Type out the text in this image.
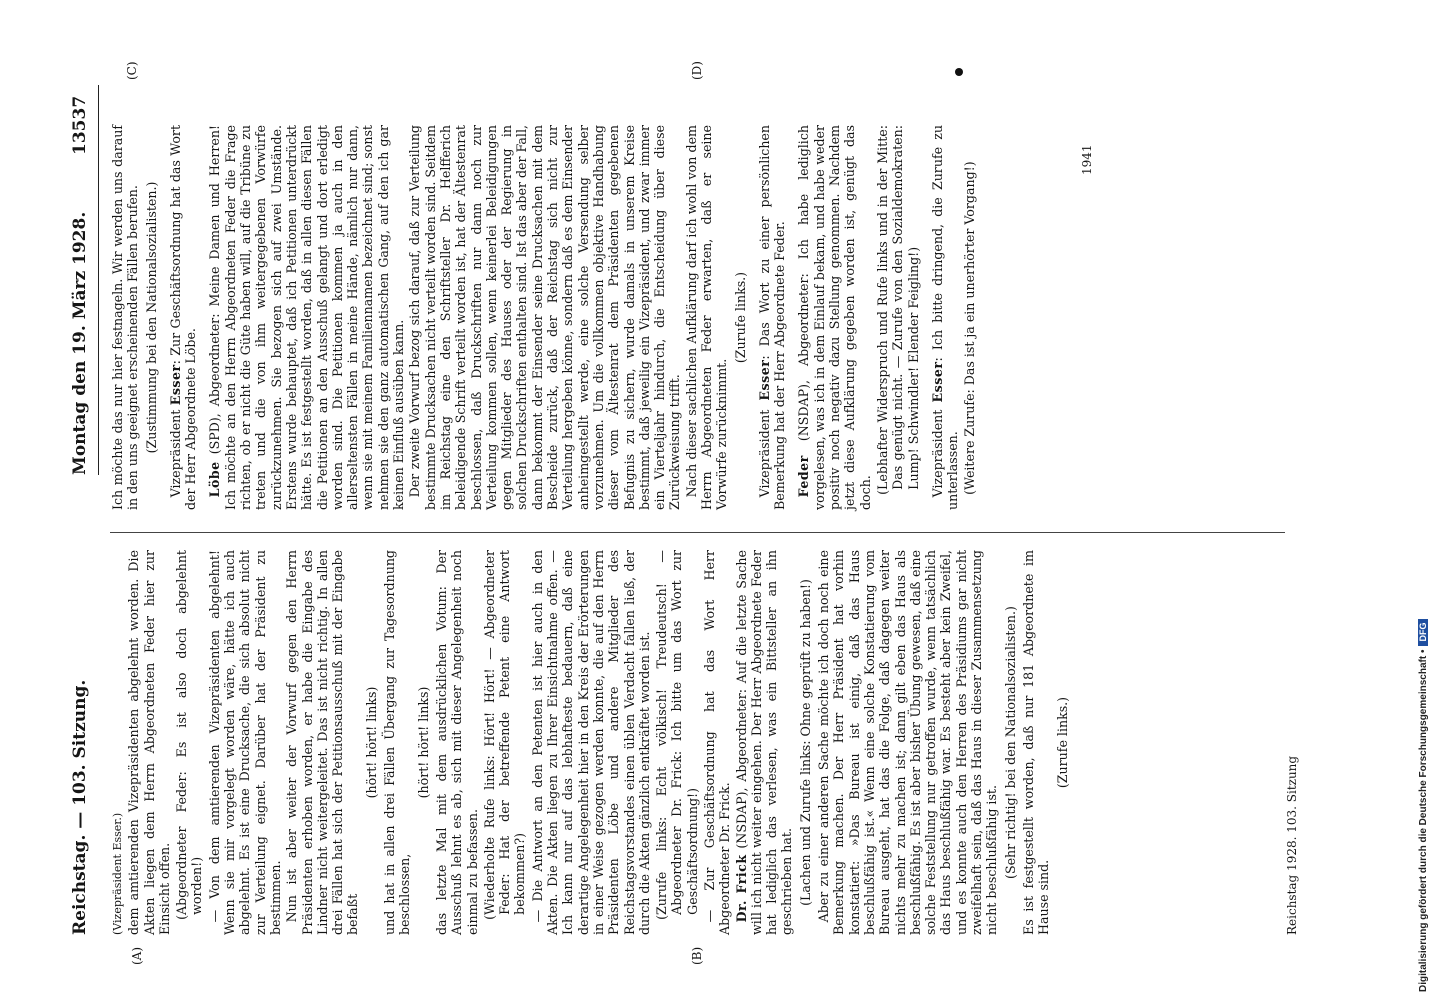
Reichstag. — 103. Sitzung.
Montag den 19. März 1928.
13537

(Vizepräsident Esser.) dem amtierenden Vizepräsidenten abgelehnt worden. Die Akten liegen dem Herrn Abgeordneten Feder hier zur Einsicht offen. (Abgeordneter Feder: Es ist also doch abgelehnt worden!) — Von dem amtierenden Vizepräsidenten abgelehnt! Wenn sie mir vorgelegt worden wäre, hätte ich auch abgelehnt. Es ist eine Drucksache, die sich absolut nicht zur Verteilung eignet. Darüber hat der Präsident zu bestimmen. Nun ist aber weiter der Vorwurf gegen den Herrn Präsidenten erhoben worden, er habe die Eingabe des Lindner nicht weitergeleitet. Das ist nicht richtig. In allen drei Fällen hat sich der Petitionsausschuß mit der Eingabe befaßt

(hört! hört! links) und hat in allen drei Fällen Übergang zur Tagesordnung beschlossen,

(hört! hört! links) das letzte Mal mit dem ausdrücklichen Votum: Der Ausschuß lehnt es ab, sich mit dieser Angelegenheit noch einmal zu befassen. (Wiederholte Rufe links: Hört! Hört! — Abgeordneter Feder: Hat der betreffende Petent eine Antwort bekommen?) — Die Antwort an den Petenten ist hier auch in den Akten. Die Akten liegen zu Ihrer Einsichtnahme offen. — Ich kann nur auf das lebhafteste bedauern, daß eine derartige Angelegenheit hier in den Kreis der Erörterungen in einer Weise gezogen werden konnte, die auf den Herrn Präsidenten Löbe und andere Mitglieder des Reichstagsvorstandes einen üblen Verdacht fallen ließ, der durch die Akten gänzlich entkräftet worden ist. (Zurufe links: Echt völkisch! Treudeutsch! — Abgeordneter Dr. Frick: Ich bitte um das Wort zur Geschäftsordnung!) — Zur Geschäftsordnung hat das Wort Herr Abgeordneter Dr. Frick. Dr. Frick (NSDAP), Abgeordneter: Auf die letzte Sache will ich nicht weiter eingehen. Der Herr Abgeordnete Feder hat lediglich das verlesen, was ein Bittsteller an ihn geschrieben hat. (Lachen und Zurufe links: Ohne geprüft zu haben!) Aber zu einer anderen Sache möchte ich doch noch eine Bemerkung machen. Der Herr Präsident hat vorhin konstatiert: »Das Bureau ist einig, daß das Haus beschlußfähig ist.« Wenn eine solche Konstatierung vom Bureau ausgeht, hat das die Folge, daß dagegen weiter nichts mehr zu machen ist; dann gilt eben das Haus als beschlußfähig. Es ist aber bisher Übung gewesen, daß eine solche Feststellung nur getroffen wurde, wenn tatsächlich das Haus beschlußfähig war. Es besteht aber kein Zweifel, und es konnte auch den Herren des Präsidiums gar nicht zweifelhaft sein, daß das Haus in dieser Zusammensetzung nicht beschlußfähig ist. (Sehr richtig! bei den Nationalsozialisten.) Es ist festgestellt worden, daß nur 181 Abgeordnete im Hause sind.

(Zurufe links.)

Ich möchte das nur hier festnageln. Wir werden uns darauf in den uns geeignet erscheinenden Fällen berufen. (Zustimmung bei den Nationalsozialisten.) Vizepräsident Esser: Zur Geschäftsordnung hat das Wort der Herr Abgeordnete Löbe. Löbe (SPD), Abgeordneter: Meine Damen und Herren! Ich möchte an den Herrn Abgeordneten Feder die Frage richten, ob er nicht die Güte haben will, auf die Tribüne zu treten und die von ihm weitergegebenen Vorwürfe zurückzunehmen. Sie bezogen sich auf zwei Umstände. Erstens wurde behauptet, daß ich Petitionen unterdrückt hätte. Es ist festgestellt worden, daß in allen diesen Fällen die Petitionen an den Ausschuß gelangt und dort erledigt worden sind. Die Petitionen kommen ja auch in den allerseltensten Fällen in meine Hände, nämlich nur dann, wenn sie mit meinem Familiennamen bezeichnet sind; sonst nehmen sie den ganz automatischen Gang, auf den ich gar keinen Einfluß ausüben kann. Der zweite Vorwurf bezog sich darauf, daß zur Verteilung bestimmte Drucksachen nicht verteilt worden sind. Seitdem im Reichstag eine den Schriftsteller Dr. Helfferich beleidigende Schrift verteilt worden ist, hat der Ältestenrat beschlossen, daß Druckschriften nur dann noch zur Verteilung kommen sollen, wenn keinerlei Beleidigungen gegen Mitglieder des Hauses oder der Regierung in solchen Druckschriften enthalten sind. Ist das aber der Fall, dann bekommt der Einsender seine Drucksachen mit dem Bescheide zurück, daß der Reichstag sich nicht zur Verteilung hergeben könne, sondern daß es dem Einsender anheimgestellt werde, eine solche Versendung selber vorzunehmen. Um die vollkommen objektive Handhabung dieser vom Ältestenrat dem Präsidenten gegebenen Befugnis zu sichern, wurde damals in unserem Kreise bestimmt, daß jeweilig ein Vizepräsident, und zwar immer ein Vierteljahr hindurch, die Entscheidung über diese Zurückweisung trifft. Nach dieser sachlichen Aufklärung darf ich wohl von dem Herrn Abgeordneten Feder erwarten, daß er seine Vorwürfe zurücknimmt.

(Zurufe links.)

Vizepräsident Esser: Das Wort zu einer persönlichen Bemerkung hat der Herr Abgeordnete Feder. Feder (NSDAP), Abgeordneter: Ich habe lediglich vorgelesen, was ich in dem Einlauf bekam, und habe weder positiv noch negativ dazu Stellung genommen. Nachdem jetzt diese Aufklärung gegeben worden ist, genügt das doch. (Lebhafter Widerspruch und Rufe links und in der Mitte: Das genügt nicht. — Zurufe von den Sozialdemokraten: Lump! Schwindler! Elender Feigling!) Vizepräsident Esser: Ich bitte dringend, die Zurufe zu unterlassen. (Weitere Zurufe: Das ist ja ein unerhörter Vorgang!)

(A)	(B)
(C)	(D)
1941
Reichstag 1928. 103. Sitzung	Digitalisierung gefördert durch die Deutsche Forschungsgemeinschaft •DFG
